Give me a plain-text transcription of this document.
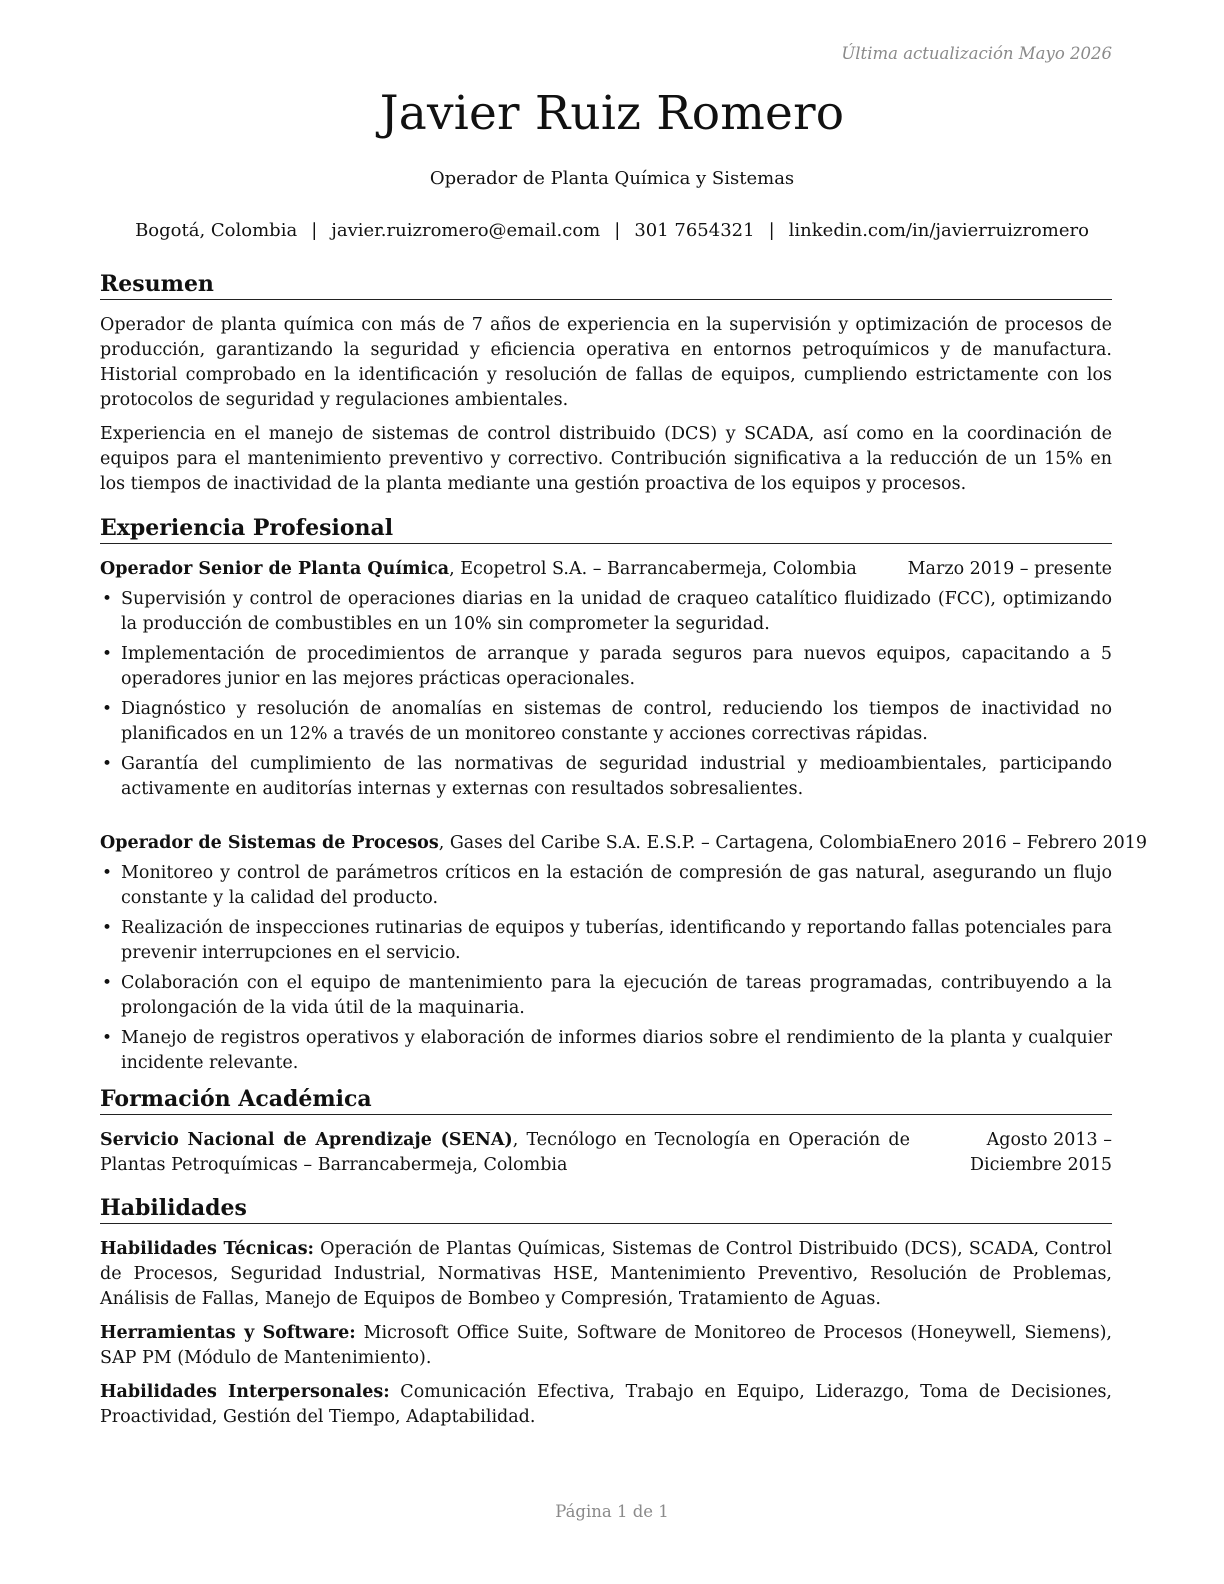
Última actualización Mayo 2026
Javier Ruiz Romero
Operador de Planta Química y Sistemas
Bogotá, Colombia | javier.ruizromero@email.com | 301 7654321 | linkedin.com/in/javierruizromero
Resumen

Operador de planta química con más de 7 años de experiencia en la supervisión y optimización de procesos de producción, garantizando la seguridad y eficiencia operativa en entornos petroquímicos y de manufactura. Historial comprobado en la identificación y resolución de fallas de equipos, cumpliendo estrictamente con los protocolos de seguridad y regulaciones ambientales.

Experiencia en el manejo de sistemas de control distribuido (DCS) y SCADA, así como en la coordinación de equipos para el mantenimiento preventivo y correctivo. Contribución significativa a la reducción de un 15% en los tiempos de inactividad de la planta mediante una gestión proactiva de los equipos y procesos.

Experiencia Profesional
Operador Senior de Planta Química, Ecopetrol S.A. – Barrancabermeja, Colombia	Marzo 2019 – presente
• Supervisión y control de operaciones diarias en la unidad de craqueo catalítico fluidizado (FCC), optimizando la producción de combustibles en un 10% sin comprometer la seguridad.
• Implementación de procedimientos de arranque y parada seguros para nuevos equipos, capacitando a 5 operadores junior en las mejores prácticas operacionales.
• Diagnóstico y resolución de anomalías en sistemas de control, reduciendo los tiempos de inactividad no planificados en un 12% a través de un monitoreo constante y acciones correctivas rápidas.
• Garantía del cumplimiento de las normativas de seguridad industrial y medioambientales, participando activamente en auditorías internas y externas con resultados sobresalientes.
Operador de Sistemas de Procesos, Gases del Caribe S.A. E.S.P. – Cartagena, Colombia Enero 2016 – Febrero 2019
• Monitoreo y control de parámetros críticos en la estación de compresión de gas natural, asegurando un flujo constante y la calidad del producto.
• Realización de inspecciones rutinarias de equipos y tuberías, identificando y reportando fallas potenciales para prevenir interrupciones en el servicio.
• Colaboración con el equipo de mantenimiento para la ejecución de tareas programadas, contribuyendo a la prolongación de la vida útil de la maquinaria.
• Manejo de registros operativos y elaboración de informes diarios sobre el rendimiento de la planta y cualquier incidente relevante.
Formación Académica
Servicio Nacional de Aprendizaje (SENA), Tecnólogo en Tecnología en Operación de Plantas Petroquímicas – Barrancabermeja, Colombia
Agosto 2013 – Diciembre 2015
Habilidades

Habilidades Técnicas: Operación de Plantas Químicas, Sistemas de Control Distribuido (DCS), SCADA, Control de Procesos, Seguridad Industrial, Normativas HSE, Mantenimiento Preventivo, Resolución de Problemas, Análisis de Fallas, Manejo de Equipos de Bombeo y Compresión, Tratamiento de Aguas.

Herramientas y Software: Microsoft Office Suite, Software de Monitoreo de Procesos (Honeywell, Siemens), SAP PM (Módulo de Mantenimiento).

Habilidades Interpersonales: Comunicación Efectiva, Trabajo en Equipo, Liderazgo, Toma de Decisiones, Proactividad, Gestión del Tiempo, Adaptabilidad.

Página 1 de 1
